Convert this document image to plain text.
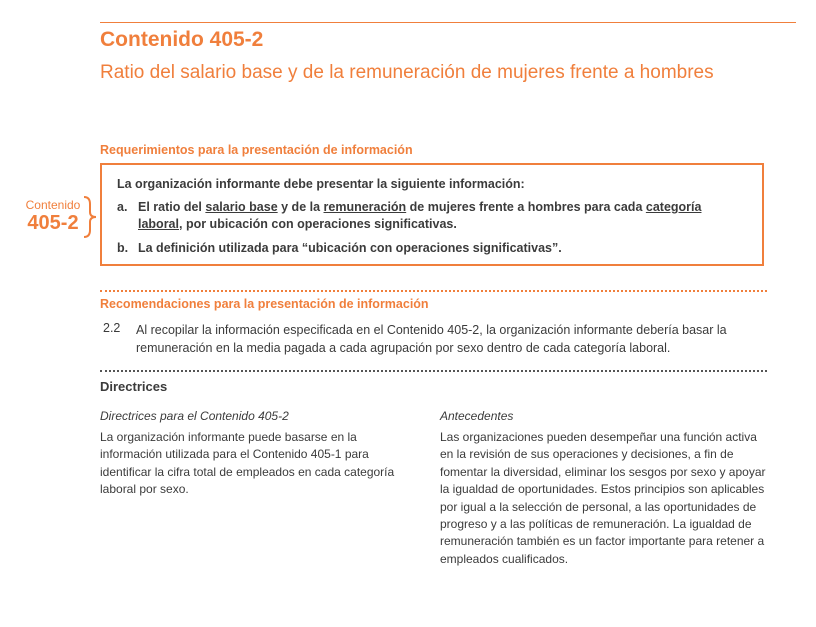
Contenido 405-2
Ratio del salario base y de la remuneración de mujeres frente a hombres
Requerimientos para la presentación de información
Contenido
405-2
La organización informante debe presentar la siguiente información:
a. El ratio del salario base y de la remuneración de mujeres frente a hombres para cada categoría laboral, por ubicación con operaciones significativas.
b. La definición utilizada para “ubicación con operaciones significativas”.
Recomendaciones para la presentación de información
2.2 Al recopilar la información especificada en el Contenido 405-2, la organización informante debería basar la remuneración en la media pagada a cada agrupación por sexo dentro de cada categoría laboral.
Directrices
Directrices para el Contenido 405-2
La organización informante puede basarse en la información utilizada para el Contenido 405-1 para identificar la cifra total de empleados en cada categoría laboral por sexo.
Antecedentes
Las organizaciones pueden desempeñar una función activa en la revisión de sus operaciones y decisiones, a fin de fomentar la diversidad, eliminar los sesgos por sexo y apoyar la igualdad de oportunidades. Estos principios son aplicables por igual a la selección de personal, a las oportunidades de progreso y a las políticas de remuneración. La igualdad de remuneración también es un factor importante para retener a empleados cualificados.
